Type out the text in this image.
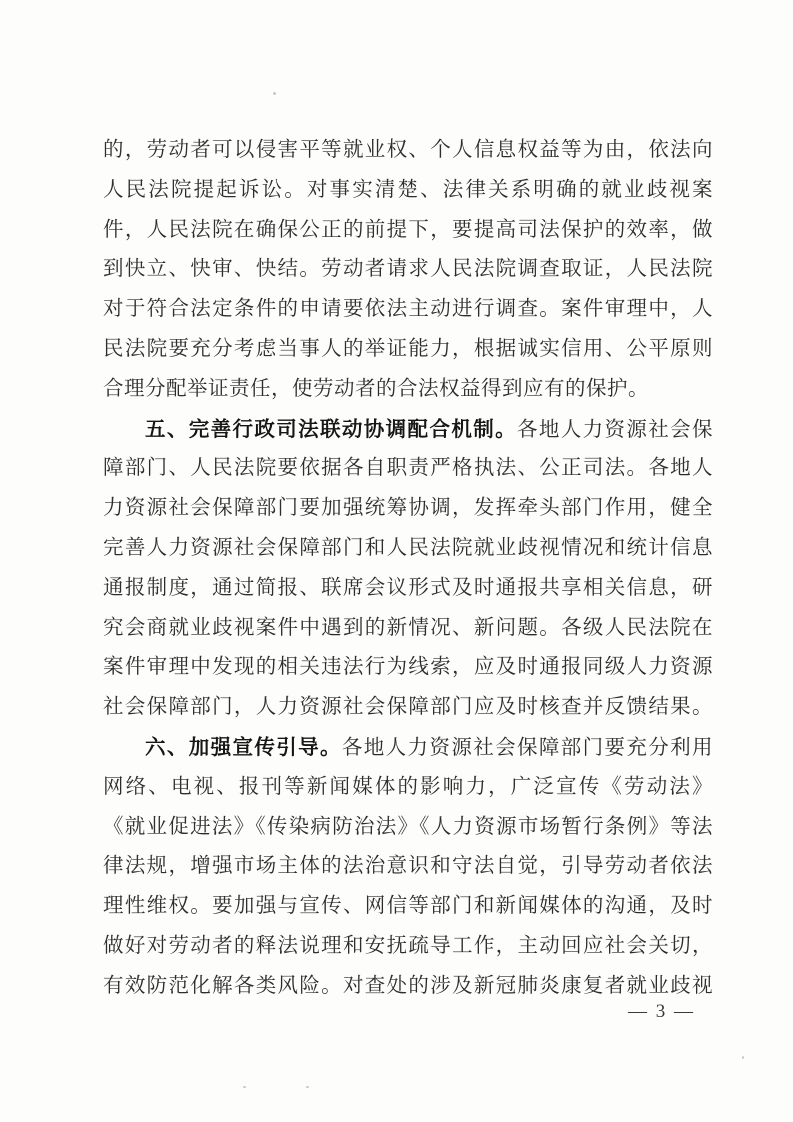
的，劳动者可以侵害平等就业权、个人信息权益等为由，依法向
人民法院提起诉讼。对事实清楚、法律关系明确的就业歧视案
件，人民法院在确保公正的前提下，要提高司法保护的效率，做
到快立、快审、快结。劳动者请求人民法院调查取证，人民法院
对于符合法定条件的申请要依法主动进行调查。案件审理中，人
民法院要充分考虑当事人的举证能力，根据诚实信用、公平原则
合理分配举证责任，使劳动者的合法权益得到应有的保护。
五、完善行政司法联动协调配合机制。各地人力资源社会保
障部门、人民法院要依据各自职责严格执法、公正司法。各地人
力资源社会保障部门要加强统筹协调，发挥牵头部门作用，健全
完善人力资源社会保障部门和人民法院就业歧视情况和统计信息
通报制度，通过简报、联席会议形式及时通报共享相关信息，研
究会商就业歧视案件中遇到的新情况、新问题。各级人民法院在
案件审理中发现的相关违法行为线索，应及时通报同级人力资源
社会保障部门，人力资源社会保障部门应及时核查并反馈结果。
六、加强宣传引导。各地人力资源社会保障部门要充分利用
网络、电视、报刊等新闻媒体的影响力，广泛宣传《劳动法》
《就业促进法》《传染病防治法》《人力资源市场暂行条例》等法
律法规，增强市场主体的法治意识和守法自觉，引导劳动者依法
理性维权。要加强与宣传、网信等部门和新闻媒体的沟通，及时
做好对劳动者的释法说理和安抚疏导工作，主动回应社会关切，
有效防范化解各类风险。对查处的涉及新冠肺炎康复者就业歧视
— 3 —
